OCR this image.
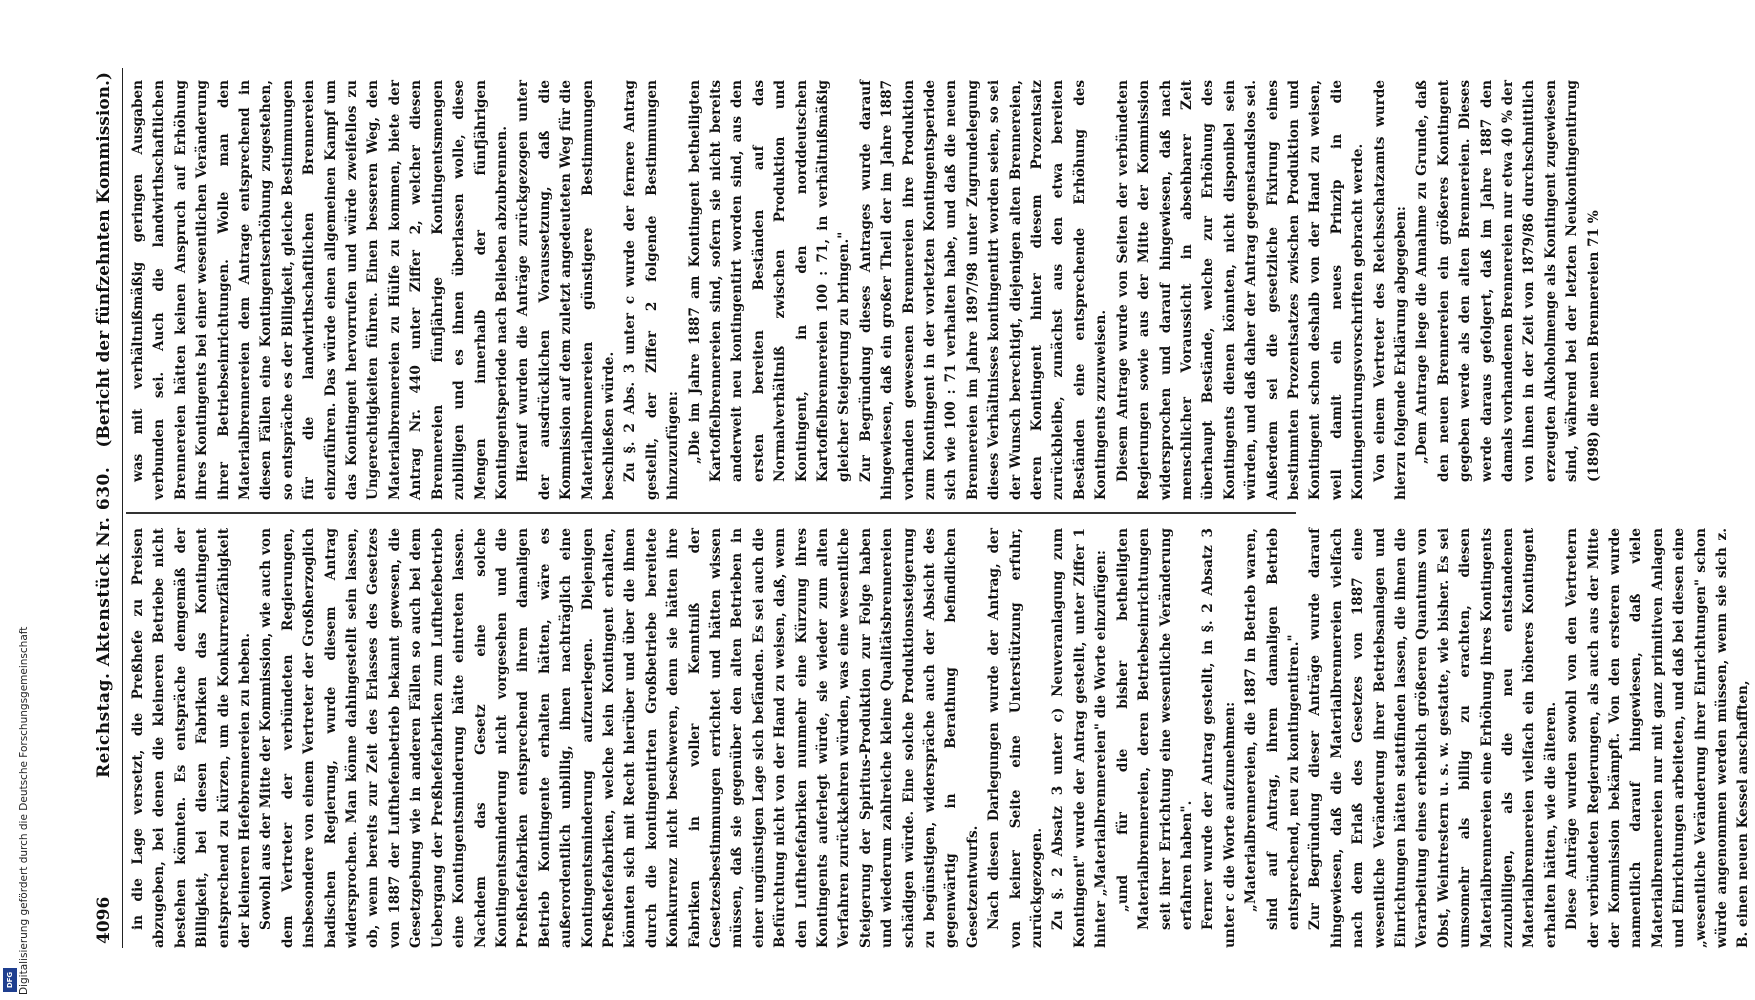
4096
Reichstag. Aktenstück Nr. 630.
(Bericht der fünfzehnten Kommission.)

in die Lage versetzt, die Preßhefe zu Preisen abzugeben, bei denen die kleineren Betriebe nicht bestehen könnten. Es entspräche demgemäß der Billigkeit, bei diesen Fabriken das Kontingent entsprechend zu kürzen, um die Konkurrenzfähigkeit der kleineren Hefebrennereien zu heben. Sowohl aus der Mitte der Kommission, wie auch von dem Vertreter der verbündeten Regierungen, insbesondere von einem Vertreter der Großherzoglich badischen Regierung, wurde diesem Antrag widersprochen. Man könne dahingestellt sein lassen, ob, wenn bereits zur Zeit des Erlasses des Gesetzes von 1887 der Lufthefenbetrieb bekannt gewesen, die Gesetzgebung wie in anderen Fällen so auch bei dem Uebergang der Preßhefefabriken zum Lufthefebetrieb eine Kontingentsminderung hätte eintreten lassen. Nachdem das Gesetz eine solche Kontingentsminderung nicht vorgesehen und die Preßhefefabriken entsprechend ihrem damaligen Betrieb Kontingente erhalten hätten, wäre es außerordentlich unbillig, ihnen nachträglich eine Kontingentsminderung aufzuerlegen. Diejenigen Preßhefefabriken, welche kein Kontingent erhalten, könnten sich mit Recht hierüber und über die ihnen durch die kontingentirten Großbetriebe bereitete Konkurrenz nicht beschweren, denn sie hätten ihre Fabriken in voller Kenntniß der Gesetzesbestimmungen errichtet und hätten wissen müssen, daß sie gegenüber den alten Betrieben in einer ungünstigen Lage sich befänden. Es sei auch die Befürchtung nicht von der Hand zu weisen, daß, wenn den Lufthefefabriken nunmehr eine Kürzung ihres Kontingents auferlegt würde, sie wieder zum alten Verfahren zurückkehren würden, was eine wesentliche Steigerung der Spiritus-Produktion zur Folge haben und wiederum zahlreiche kleine Qualitätsbrennereien schädigen würde. Eine solche Produktionssteigerung zu begünstigen, widerspräche auch der Absicht des gegenwärtig in Berathung befindlichen Gesetzentwurfs. Nach diesen Darlegungen wurde der Antrag, der von keiner Seite eine Unterstützung erfuhr, zurückgezogen. Zu §. 2 Absatz 3 unter c) Neuveranlagung zum Kontingent" wurde der Antrag gestellt, unter Ziffer 1 hinter „Materialbrennereien" die Worte einzufügen: „und für die bisher betheiligten Materialbrennereien, deren Betriebseinrichtungen seit ihrer Errichtung eine wesentliche Veränderung erfahren haben". Ferner wurde der Antrag gestellt, in §. 2 Absatz 3 unter c die Worte aufzunehmen: „Materialbrennereien, die 1887 in Betrieb waren, sind auf Antrag, ihrem damaligen Betrieb entsprechend, neu zu kontingentiren." Zur Begründung dieser Anträge wurde darauf hingewiesen, daß die Materialbrennereien vielfach nach dem Erlaß des Gesetzes von 1887 eine wesentliche Veränderung ihrer Betriebsanlagen und Einrichtungen hätten stattfinden lassen, die ihnen die Verarbeitung eines erheblich größeren Quantums von Obst, Weintrestern u. s. w. gestatte, wie bisher. Es sei umsomehr als billig zu erachten, diesen Materialbrennereien eine Erhöhung ihres Kontingents zuzubilligen, als die neu entstandenen Materialbrennereien vielfach ein höheres Kontingent erhalten hätten, wie die älteren. Diese Anträge wurden sowohl von den Vertretern der verbündeten Regierungen, als auch aus der Mitte der Kommission bekämpft. Von den ersteren wurde namentlich darauf hingewiesen, daß viele Materialbrennereien nur mit ganz primitiven Anlagen und Einrichtungen arbeiteten, und daß bei diesen eine „wesentliche Veränderung ihrer Einrichtungen" schon würde angenommen werden müssen, wenn sie sich z. B. einen neuen Kessel anschafften,

was mit verhältnißmäßig geringen Ausgaben verbunden sei. Auch die landwirthschaftlichen Brennereien hätten keinen Anspruch auf Erhöhung ihres Kontingents bei einer wesentlichen Veränderung ihrer Betriebseinrichtungen. Wolle man den Materialbrennereien dem Antrage entsprechend in diesen Fällen eine Kontingentserhöhung zugestehen, so entspräche es der Billigkeit, gleiche Bestimmungen für die landwirthschaftlichen Brennereien einzuführen. Das würde einen allgemeinen Kampf um das Kontingent hervorrufen und würde zweifellos zu Ungerechtigkeiten führen. Einen besseren Weg, den Materialbrennereien zu Hülfe zu kommen, biete der Antrag Nr. 440 unter Ziffer 2, welcher diesen Brennereien fünfjährige Kontingentsmengen zubilligen und es ihnen überlassen wolle, diese Mengen innerhalb der fünfjährigen Kontingentsperiode nach Belieben abzubrennen. Hierauf wurden die Anträge zurückgezogen unter der ausdrücklichen Voraussetzung, daß die Kommission auf dem zuletzt angedeuteten Weg für die Materialbrennereien günstigere Bestimmungen beschließen würde. Zu §. 2 Abs. 3 unter c wurde der fernere Antrag gestellt, der Ziffer 2 folgende Bestimmungen hinzuzufügen: „Die im Jahre 1887 am Kontingent betheiligten Kartoffelbrennereien sind, sofern sie nicht bereits anderweit neu kontingentirt worden sind, aus den ersten bereiten Beständen auf das Normalverhältniß zwischen Produktion und Kontingent, in den norddeutschen Kartoffelbrennereien 100 : 71, in verhältnißmäßig gleicher Steigerung zu bringen." Zur Begründung dieses Antrages wurde darauf hingewiesen, daß ein großer Theil der im Jahre 1887 vorhanden gewesenen Brennereien ihre Produktion zum Kontingent in der vorletzten Kontingentsperiode sich wie 100 : 71 verhalten habe, und daß die neuen Brennereien im Jahre 1897/98 unter Zugrundelegung dieses Verhältnisses kontingentirt worden seien, so sei der Wunsch berechtigt, diejenigen alten Brennereien, deren Kontingent hinter diesem Prozentsatz zurückbleibe, zunächst aus den etwa bereiten Beständen eine entsprechende Erhöhung des Kontingents zuzuweisen. Diesem Antrage wurde von Seiten der verbündeten Regierungen sowie aus der Mitte der Kommission widersprochen und darauf hingewiesen, daß nach menschlicher Voraussicht in absehbarer Zeit überhaupt Bestände, welche zur Erhöhung des Kontingents dienen könnten, nicht disponibel sein würden, und daß daher der Antrag gegenstandslos sei. Außerdem sei die gesetzliche Fixirung eines bestimmten Prozentsatzes zwischen Produktion und Kontingent schon deshalb von der Hand zu weisen, weil damit ein neues Prinzip in die Kontingentirungsvorschriften gebracht werde. Von einem Vertreter des Reichsschatzamts wurde hierzu folgende Erklärung abgegeben: „Dem Antrage liege die Annahme zu Grunde, daß den neuen Brennereien ein größeres Kontingent gegeben werde als den alten Brennereien. Dieses werde daraus gefolgert, daß im Jahre 1887 den damals vorhandenen Brennereien nur etwa 40 % der von ihnen in der Zeit von 1879/86 durchschnittlich erzeugten Alkoholmenge als Kontingent zugewiesen sind, während bei der letzten Neukontingentirung (1898) die neuen Brennereien 71 %

Digitalisierung gefördert durch die Deutsche Forschungsgemeinschaft
DFG
